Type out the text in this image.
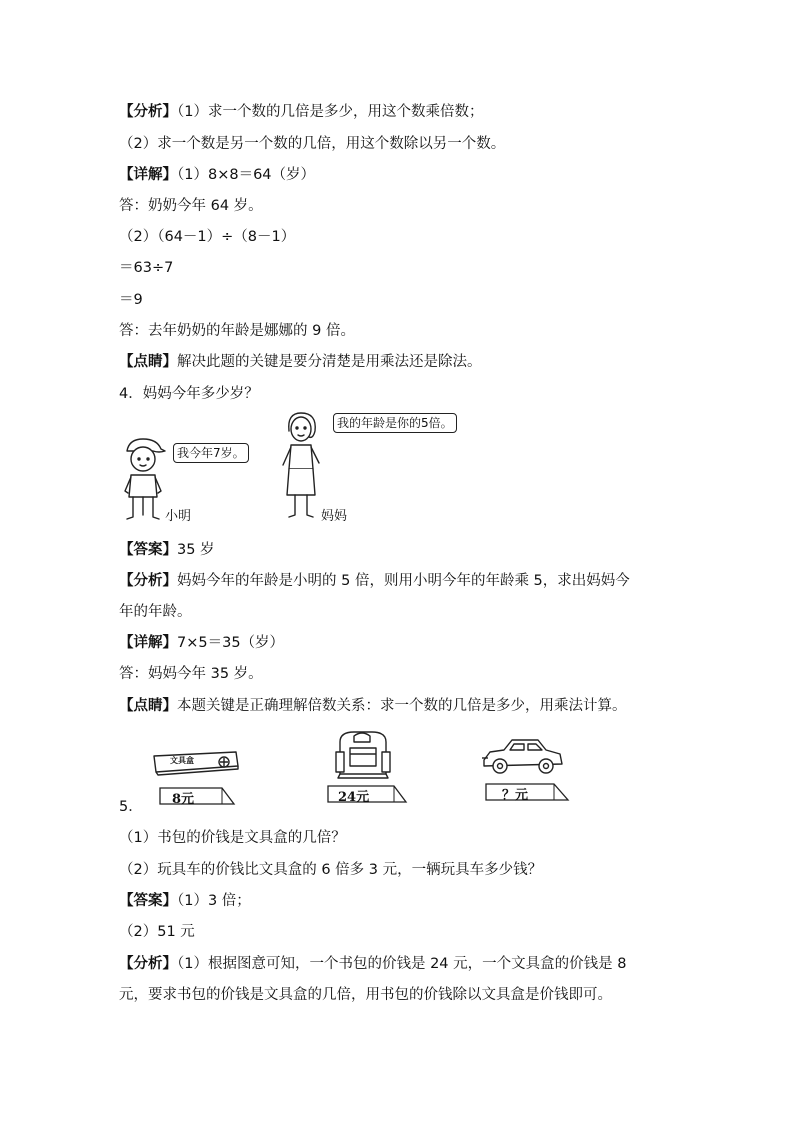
【分析】（1）求一个数的几倍是多少，用这个数乘倍数；
（2）求一个数是另一个数的几倍，用这个数除以另一个数。
【详解】（1）8×8＝64（岁）
答：奶奶今年 64 岁。
（2）（64－1）÷（8－1）
＝63÷7
＝9
答：去年奶奶的年龄是娜娜的 9 倍。
【点睛】解决此题的关键是要分清楚是用乘法还是除法。
4．妈妈今年多少岁？
我今年7岁。
小明
我的年龄是你的5倍。
妈妈
【答案】35 岁
【分析】妈妈今年的年龄是小明的 5 倍，则用小明今年的年龄乘 5，求出妈妈今
年的年龄。
【详解】7×5＝35（岁）
答：妈妈今年 35 岁。
【点睛】本题关键是正确理解倍数关系：求一个数的几倍是多少，用乘法计算。
文具盒
8元	24元	？元
5．
（1）书包的价钱是文具盒的几倍？
（2）玩具车的价钱比文具盒的 6 倍多 3 元，一辆玩具车多少钱？
【答案】（1）3 倍；
（2）51 元
【分析】（1）根据图意可知，一个书包的价钱是 24 元，一个文具盒的价钱是 8
元，要求书包的价钱是文具盒的几倍，用书包的价钱除以文具盒是价钱即可。
